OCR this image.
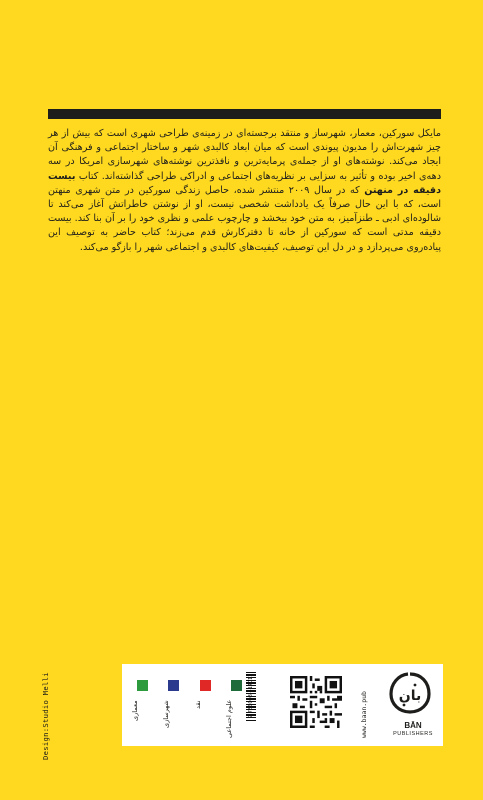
مایکل سورکین، معمار، شهرساز و منتقد برجسته‌ای در زمینه‌ی طراحی شهری است که بیش از هر چیز شهرت‌اش را مدیون پیوندی است که میان ابعاد کالبدی شهر و ساختار اجتماعی و فرهنگی آن ایجاد می‌کند. نوشته‌های او از جمله‌ی پرمایه‌ترین و نافذترین نوشته‌های شهرسازی امریکا در سه دهه‌ی اخیر بوده و تأثیر به سزایی بر نظریه‌های اجتماعی و ادراکی طراحی گذاشته‌اند. کتاب بیست دقیقه در منهتن که در سال ۲۰۰۹ منتشر شده، حاصل زندگی سورکین در متن شهری منهتن است، که با این حال صرفاً یک یادداشت شخصی نیست، او از نوشتن خاطراتش آغاز می‌کند تا شالوده‌ای ادبی ـ طنزآمیز، به متن خود ببخشد و چارچوب علمی و نظری خود را بر آن بنا کند. بیست دقیقه مدتی است که سورکین از خانه تا دفترکارش قدم می‌زند؛ کتاب حاضر به توصیف این پیاده‌روی می‌پردازد و در دل این توصیف، کیفیت‌های کالبدی و اجتماعی شهر را بازگو می‌کند.
Design:Studio Melli	معماری	شهرسازی	نقد	علوم اجتماعی
9 786008 414012	www.baan.pub بان
BĀN
PUBLISHERS
